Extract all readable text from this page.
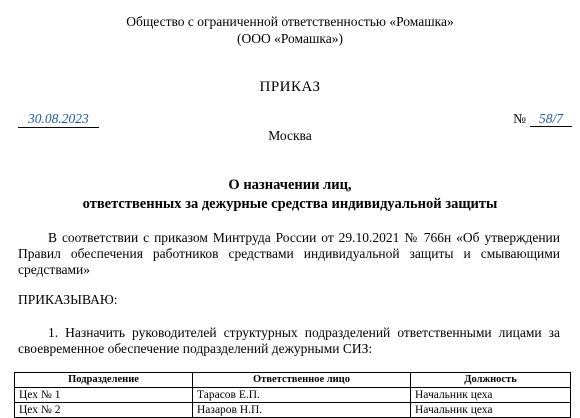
Общество с ограниченной ответственностью «Ромашка»
(ООО «Ромашка»)
ПРИКАЗ
30.08.2023	№ 58/7
Москва
О назначении лиц,
ответственных за дежурные средства индивидуальной защиты
В соответствии с приказом Минтруда России от 29.10.2021 № 766н «Об утверждении
Правил обеспечения работников средствами индивидуальной защиты и смывающими средствами»
ПРИКАЗЫВАЮ:
1. Назначить руководителей структурных подразделений ответственными лицами за
своевременное обеспечение подразделений дежурными СИЗ:
Подразделение	Ответственное лицо	Должность
Цех № 1	Тарасов Е.П.	Начальник цеха
Цех № 2	Назаров Н.П.	Начальник цеха
